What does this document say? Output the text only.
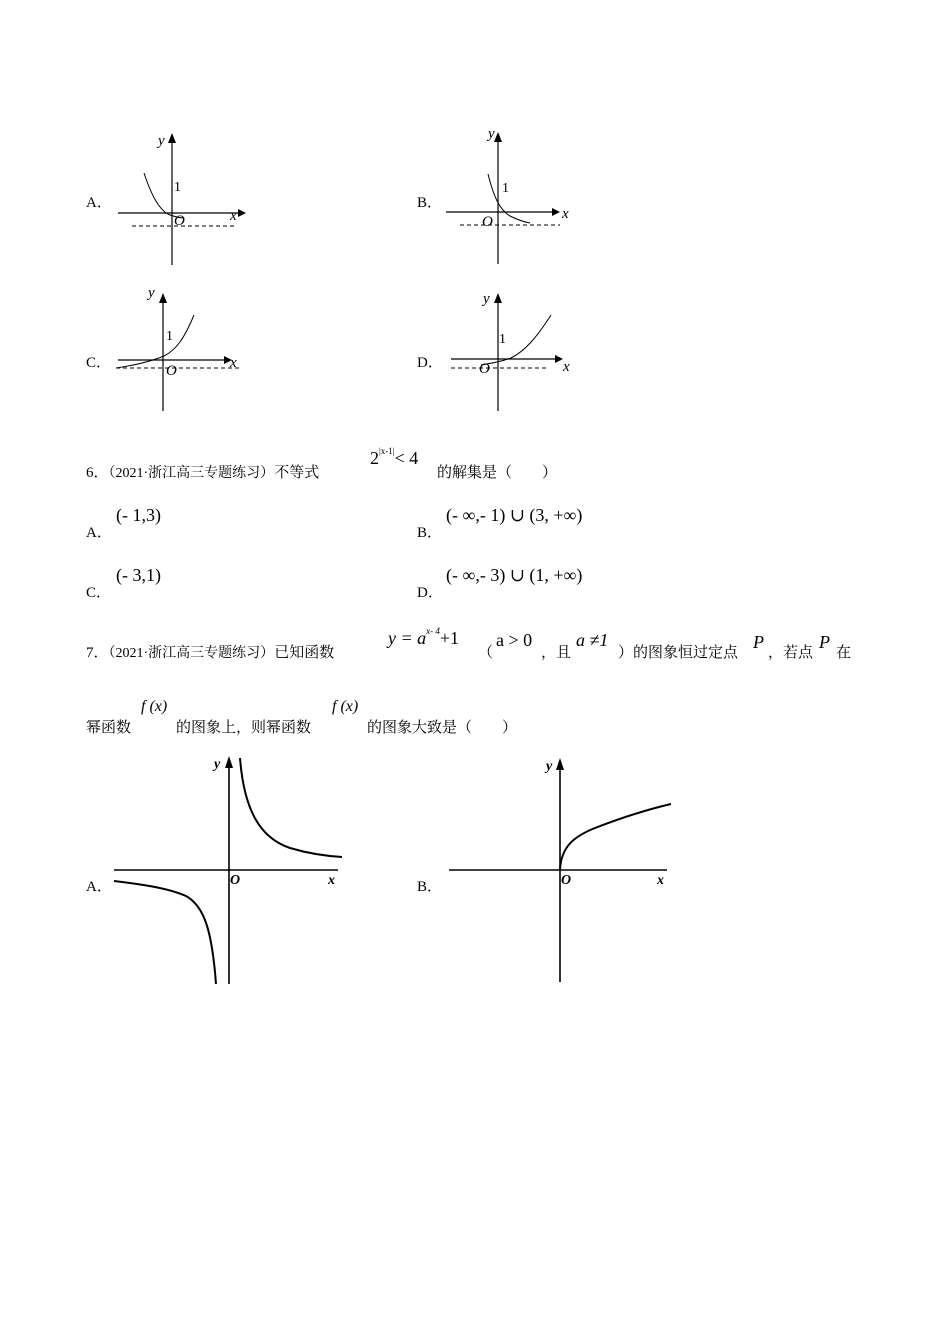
A．
y
x
O
1
B．
y
x
O
1
C．
y
x
O
1
D．
y
x
O
1
6．（2021·浙江高三专题练习）不等式
$2^{|x-1|}< 4$
的解集是（　　）
A．
(- 1,3)
B．
(- ∞,- 1) ∪ (3, +∞)
C．
(- 3,1)
D．
(- ∞,- 3) ∪ (1, +∞)
7．（2021·浙江高三专题练习）已知函数
$y = a^{x- 4}+1$
（
a > 0
，且
a ≠1
）的图象恒过定点
P
，若点
P
在
幂函数
f (x)
的图象上，则幂函数
f (x)
的图象大致是（　　）
A．
y
x
O	B．
y
x
O
